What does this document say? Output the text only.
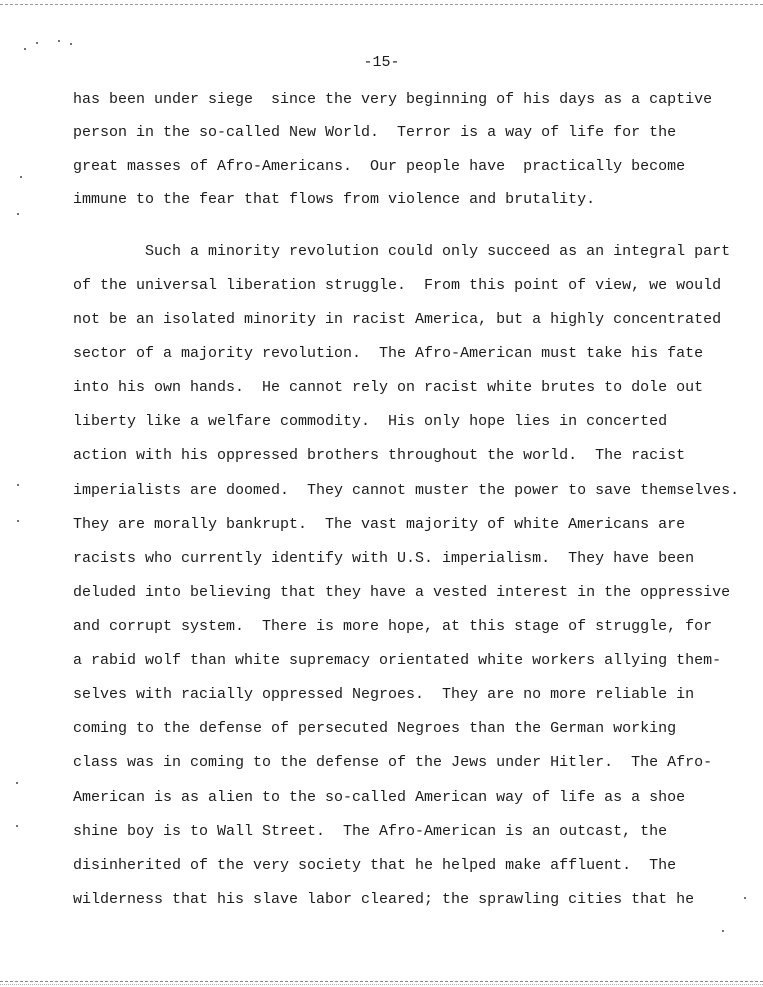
-15-
has been under siege  since the very beginning of his days as a captive
person in the so-called New World.  Terror is a way of life for the
great masses of Afro-Americans.  Our people have  practically become
immune to the fear that flows from violence and brutality.
Such a minority revolution could only succeed as an integral part
of the universal liberation struggle.  From this point of view, we would
not be an isolated minority in racist America, but a highly concentrated
sector of a majority revolution.  The Afro-American must take his fate
into his own hands.  He cannot rely on racist white brutes to dole out
liberty like a welfare commodity.  His only hope lies in concerted
action with his oppressed brothers throughout the world.  The racist
imperialists are doomed.  They cannot muster the power to save themselves.
They are morally bankrupt.  The vast majority of white Americans are
racists who currently identify with U.S. imperialism.  They have been
deluded into believing that they have a vested interest in the oppressive
and corrupt system.  There is more hope, at this stage of struggle, for
a rabid wolf than white supremacy orientated white workers allying them-
selves with racially oppressed Negroes.  They are no more reliable in
coming to the defense of persecuted Negroes than the German working
class was in coming to the defense of the Jews under Hitler.  The Afro-
American is as alien to the so-called American way of life as a shoe
shine boy is to Wall Street.  The Afro-American is an outcast, the
disinherited of the very society that he helped make affluent.  The
wilderness that his slave labor cleared; the sprawling cities that he
